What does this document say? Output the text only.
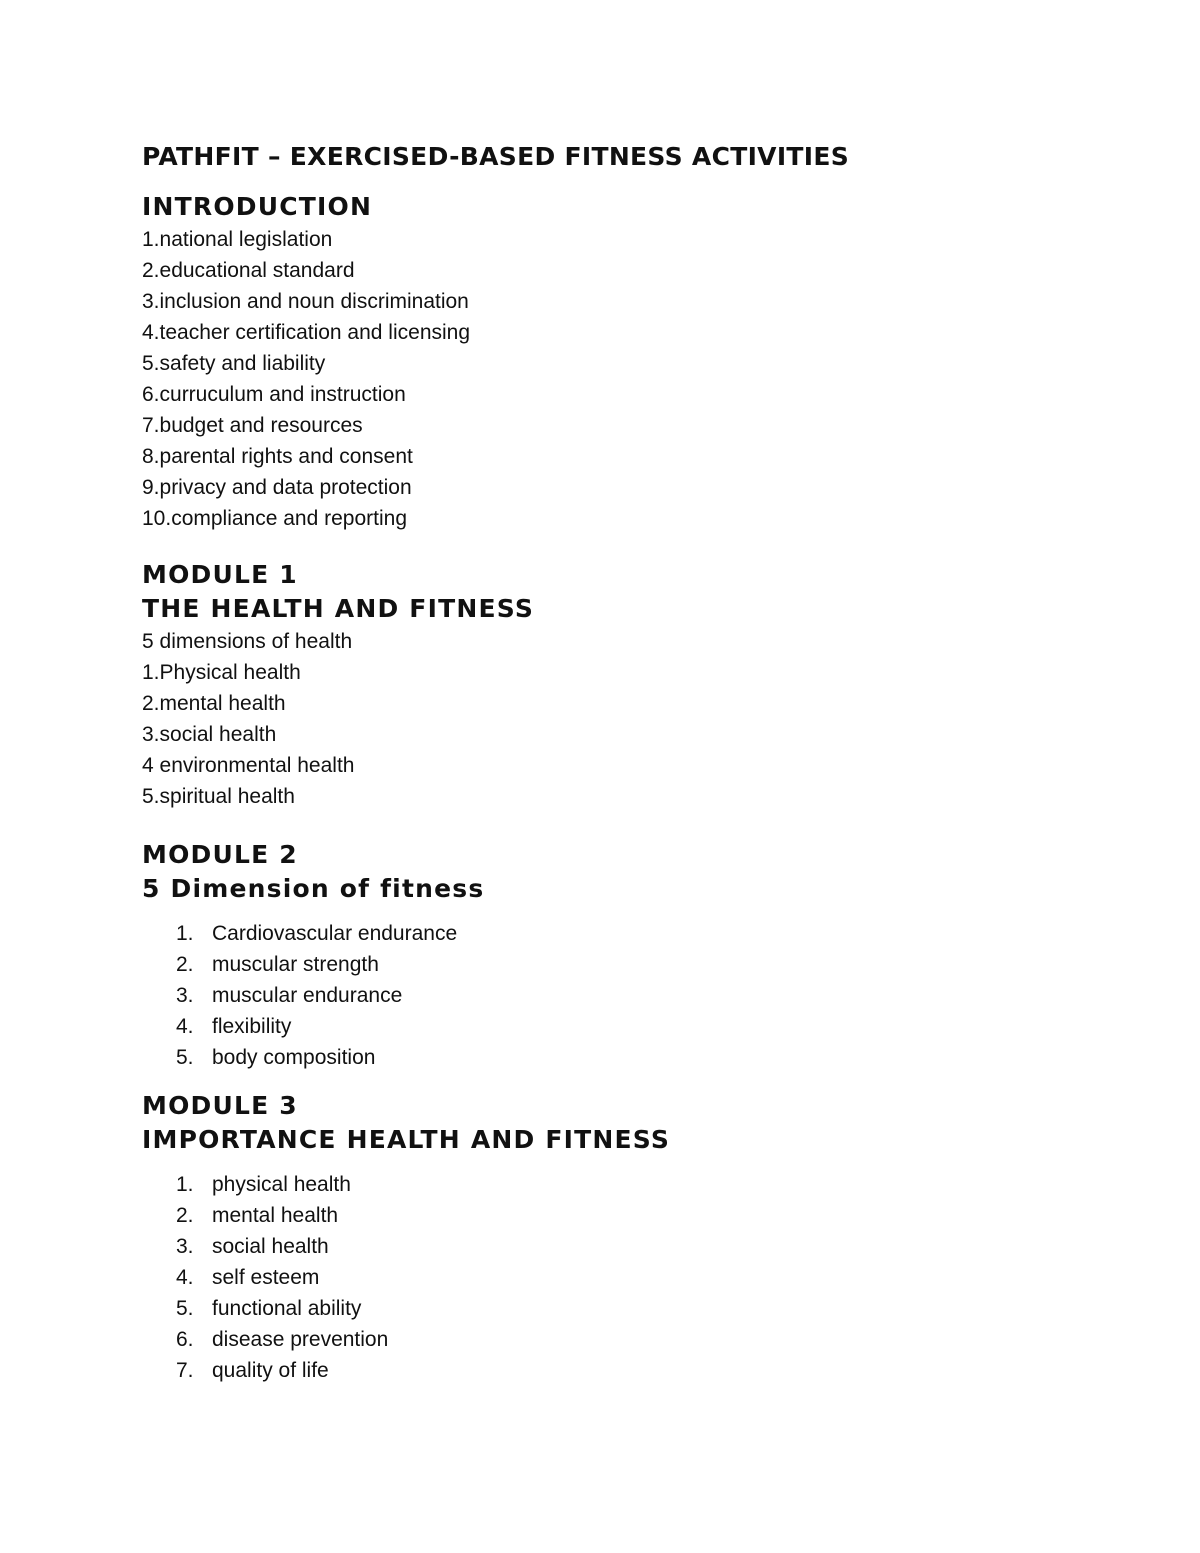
PATHFIT – EXERCISED-BASED FITNESS ACTIVITIES
INTRODUCTION

1.national legislation

2.educational standard

3.inclusion and noun discrimination

4.teacher certification and licensing

5.safety and liability

6.curruculum and instruction

7.budget and resources

8.parental rights and consent

9.privacy and data protection

10.compliance and reporting

MODULE 1
THE HEALTH AND FITNESS

5 dimensions of health

1.Physical health

2.mental health

3.social health

4 environmental health

5.spiritual health

MODULE 2
5 Dimension of fitness
1. Cardiovascular endurance
2. muscular strength
3. muscular endurance
4. flexibility
5. body composition
MODULE 3
IMPORTANCE HEALTH AND FITNESS
1. physical health
2. mental health
3. social health
4. self esteem
5. functional ability
6. disease prevention
7. quality of life
